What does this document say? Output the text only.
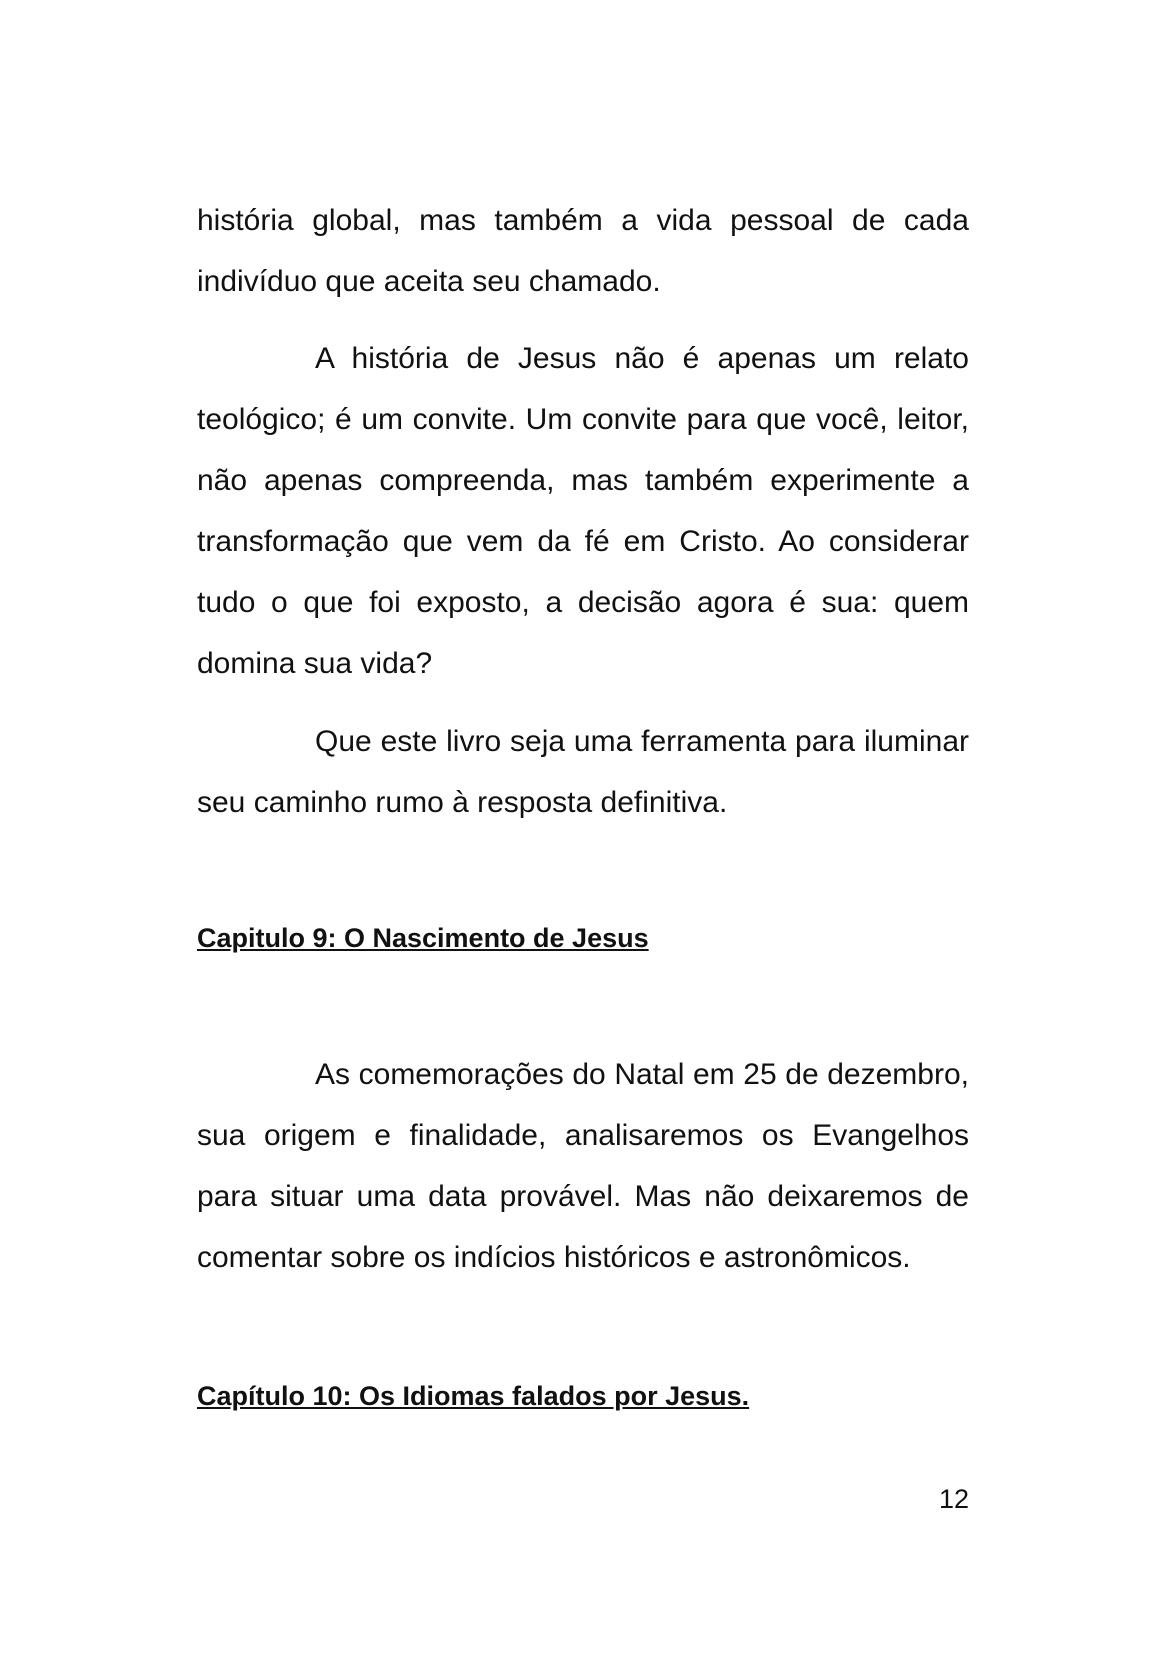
história global, mas também a vida pessoal de cada indivíduo que aceita seu chamado.

A história de Jesus não é apenas um relato teológico; é um convite. Um convite para que você, leitor, não apenas compreenda, mas também experimente a transformação que vem da fé em Cristo. Ao considerar tudo o que foi exposto, a decisão agora é sua: quem domina sua vida?

Que este livro seja uma ferramenta para iluminar seu caminho rumo à resposta definitiva.

Capitulo 9: O Nascimento de Jesus

As comemorações do Natal em 25 de dezembro, sua origem e finalidade, analisaremos os Evangelhos para situar uma data provável. Mas não deixaremos de comentar sobre os indícios históricos e astronômicos.

Capítulo 10: Os Idiomas falados por Jesus.

12
